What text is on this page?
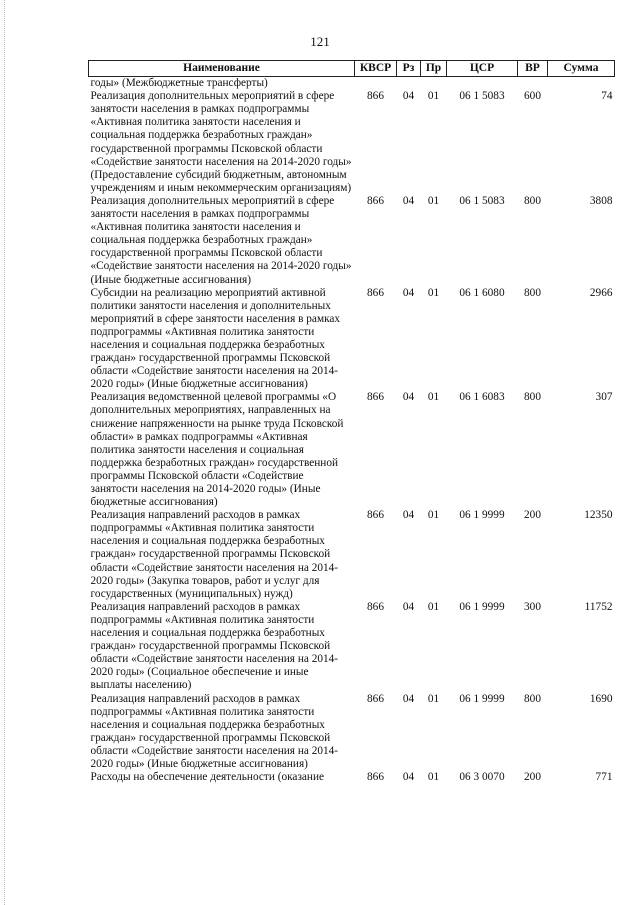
121
Наименование	КВСР	Рз	Пр	ЦСР	ВР	Сумма
годы» (Межбюджетные трансферты)						
Реализация дополнительных мероприятий в сфере занятости населения в рамках подпрограммы «Активная политика занятости населения и социальная поддержка безработных граждан» государственной программы Псковской области «Содействие занятости населения на 2014-2020 годы» (Предоставление субсидий бюджетным, автономным учреждениям и иным некоммерческим организациям)	866	04	01	06 1 5083	600	74
Реализация дополнительных мероприятий в сфере занятости населения в рамках подпрограммы «Активная политика занятости населения и социальная поддержка безработных граждан» государственной программы Псковской области «Содействие занятости населения на 2014-2020 годы» (Иные бюджетные ассигнования)	866	04	01	06 1 5083	800	3808
Субсидии на реализацию мероприятий активной политики занятости населения и дополнительных мероприятий в сфере занятости населения в рамках подпрограммы «Активная политика занятости населения и социальная поддержка безработных граждан» государственной программы Псковской области «Содействие занятости населения на 2014-2020 годы» (Иные бюджетные ассигнования)	866	04	01	06 1 6080	800	2966
Реализация ведомственной целевой программы «О дополнительных мероприятиях, направленных на снижение напряженности на рынке труда Псковской области» в рамках подпрограммы «Активная политика занятости населения и социальная поддержка безработных граждан» государственной программы Псковской области «Содействие занятости населения на 2014-2020 годы» (Иные бюджетные ассигнования)	866	04	01	06 1 6083	800	307
Реализация направлений расходов в рамках подпрограммы «Активная политика занятости населения и социальная поддержка безработных граждан» государственной программы Псковской области «Содействие занятости населения на 2014-2020 годы» (Закупка товаров, работ и услуг для государственных (муниципальных) нужд)	866	04	01	06 1 9999	200	12350
Реализация направлений расходов в рамках подпрограммы «Активная политика занятости населения и социальная поддержка безработных граждан» государственной программы Псковской области «Содействие занятости населения на 2014-2020 годы» (Социальное обеспечение и иные выплаты населению)	866	04	01	06 1 9999	300	11752
Реализация направлений расходов в рамках подпрограммы «Активная политика занятости населения и социальная поддержка безработных граждан» государственной программы Псковской области «Содействие занятости населения на 2014-2020 годы» (Иные бюджетные ассигнования)	866	04	01	06 1 9999	800	1690
Расходы на обеспечение деятельности (оказание	866	04	01	06 3 0070	200	771
